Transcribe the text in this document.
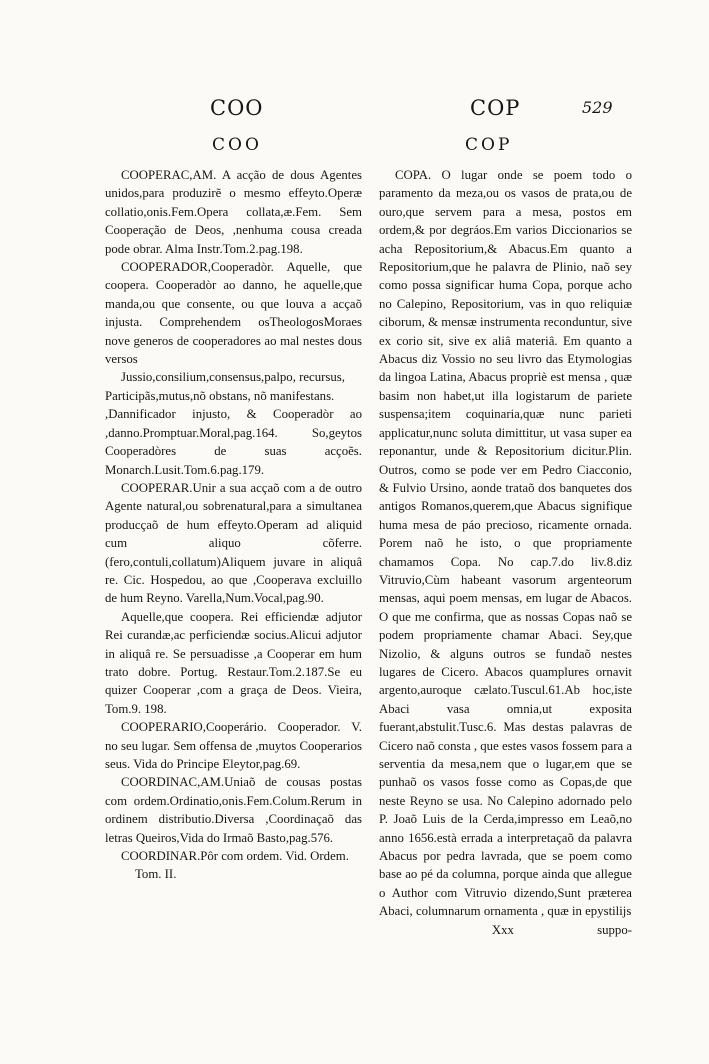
COO	COP	529
COO	COP

COOPERAC,AM. A acção de dous Agentes unidos,para produzirẽ o mesmo effeyto.Operæ collatio,onis.Fem.Opera collata,æ.Fem. Sem Cooperação de Deos, ,nenhuma cousa creada pode obrar. Alma Instr.Tom.2.pag.198.

COOPERADOR,Cooperadòr. Aquelle, que coopera. Cooperadòr ao danno, he aquelle,que manda,ou que consente, ou que louva a acçaõ injusta. Comprehendem osTheologosMoraes nove generos de cooperadores ao mal nestes dous versos

Jussio,consilium,consensus,palpo, recursus,

Participãs,mutus,nõ obstans, nõ manifestans.

,Dannificador injusto, & Cooperadòr ao ,danno.Promptuar.Moral,pag.164. So,geytos Cooperadòres de suas acçoẽs. Monarch.Lusit.Tom.6.pag.179.

COOPERAR.Unir a sua acçaõ com a de outro Agente natural,ou sobrenatural,para a simultanea producçaõ de hum effeyto.Operam ad aliquid cum aliquo cõferre.(fero,contuli,collatum)Aliquem juvare in aliquâ re. Cic. Hospedou, ao que ,Cooperava excluillo de hum Reyno. Varella,Num.Vocal,pag.90.

Aquelle,que coopera. Rei efficiendæ adjutor Rei curandæ,ac perficiendæ socius.Alicui adjutor in aliquâ re. Se persuadisse ,a Cooperar em hum trato dobre. Portug. Restaur.Tom.2.187.Se eu quizer Cooperar ,com a graça de Deos. Vieira, Tom.9. 198.

COOPERARIO,Cooperário. Cooperador. V. no seu lugar. Sem offensa de ,muytos Cooperarios seus. Vida do Principe Eleytor,pag.69.

COORDINAC,AM.Uniaõ de cousas postas com ordem.Ordinatio,onis.Fem.Colum.Rerum in ordinem distributio.Diversa ,Coordinaçaõ das letras Queiros,Vida do Irmaõ Basto,pag.576.

COORDINAR.Pôr com ordem. Vid. Ordem.

Tom. II.

COPA. O lugar onde se poem todo o paramento da meza,ou os vasos de prata,ou de ouro,que servem para a mesa, postos em ordem,& por degráos.Em varios Diccionarios se acha Repositorium,& Abacus.Em quanto a Repositorium,que he palavra de Plinio, naõ sey como possa significar huma Copa, porque acho no Calepino, Repositorium, vas in quo reliquiæ ciborum, & mensæ instrumenta reconduntur, sive ex corio sit, sive ex aliâ materiâ. Em quanto a Abacus diz Vossio no seu livro das Etymologias da lingoa Latina, Abacus propriè est mensa , quæ basim non habet,ut illa logistarum de pariete suspensa;item coquinaria,quæ nunc parieti applicatur,nunc soluta dimittitur, ut vasa super ea reponantur, unde & Repositorium dicitur.Plin. Outros, como se pode ver em Pedro Ciacconio, & Fulvio Ursino, aonde trataõ dos banquetes dos antigos Romanos,querem,que Abacus signifique huma mesa de páo precioso, ricamente ornada. Porem naõ he isto, o que propriamente chamamos Copa. No cap.7.do liv.8.diz Vitruvio,Cùm habeant vasorum argenteorum mensas, aqui poem mensas, em lugar de Abacos. O que me confirma, que as nossas Copas naõ se podem propriamente chamar Abaci. Sey,que Nizolio, & alguns outros se fundaõ nestes lugares de Cicero. Abacos quamplures ornavit argento,auroque cælato.Tuscul.61.Ab hoc,iste Abaci vasa omnia,ut exposita fuerant,abstulit.Tusc.6. Mas destas palavras de Cicero naõ consta , que estes vasos fossem para a serventia da mesa,nem que o lugar,em que se punhaõ os vasos fosse como as Copas,de que neste Reyno se usa. No Calepino adornado pelo P. Joaõ Luis de la Cerda,impresso em Leaõ,no anno 1656.està errada a interpretaçaõ da palavra Abacus por pedra lavrada, que se poem como base ao pé da columna, porque ainda que allegue o Author com Vitruvio dizendo,Sunt præterea Abaci, columnarum ornamenta , quæ in epystilijs

Xxx	suppo-
